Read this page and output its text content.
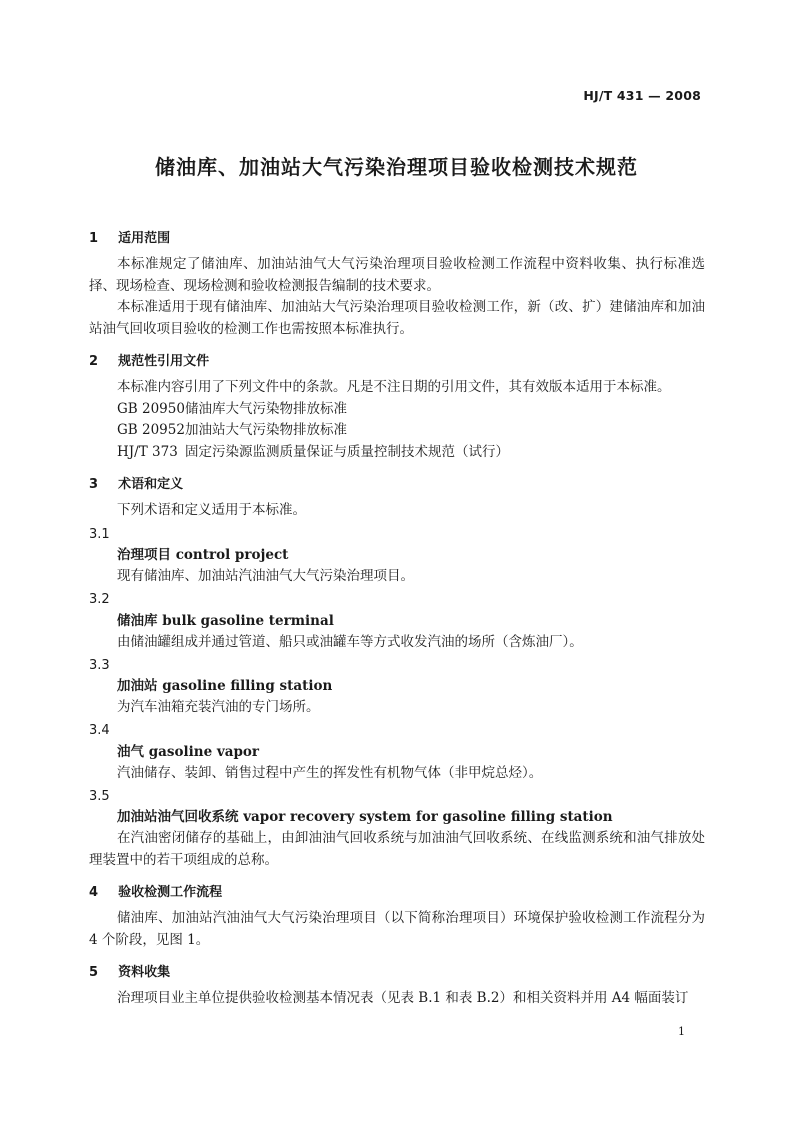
HJ/T 431 — 2008
储油库、加油站大气污染治理项目验收检测技术规范
1 适用范围
本标准规定了储油库、加油站油气大气污染治理项目验收检测工作流程中资料收集、执行标准选择、现场检查、现场检测和验收检测报告编制的技术要求。
本标准适用于现有储油库、加油站大气污染治理项目验收检测工作，新（改、扩）建储油库和加油站油气回收项目验收的检测工作也需按照本标准执行。
2 规范性引用文件
本标准内容引用了下列文件中的条款。凡是不注日期的引用文件，其有效版本适用于本标准。
GB 20950储油库大气污染物排放标准
GB 20952加油站大气污染物排放标准
HJ/T 373 固定污染源监测质量保证与质量控制技术规范（试行）
3 术语和定义
下列术语和定义适用于本标准。
3.1
治理项目 control project
现有储油库、加油站汽油油气大气污染治理项目。
3.2
储油库 bulk gasoline terminal
由储油罐组成并通过管道、船只或油罐车等方式收发汽油的场所（含炼油厂）。
3.3
加油站 gasoline filling station
为汽车油箱充装汽油的专门场所。
3.4
油气 gasoline vapor
汽油储存、装卸、销售过程中产生的挥发性有机物气体（非甲烷总烃）。
3.5
加油站油气回收系统 vapor recovery system for gasoline filling station
在汽油密闭储存的基础上，由卸油油气回收系统与加油油气回收系统、在线监测系统和油气排放处理装置中的若干项组成的总称。
4 验收检测工作流程
储油库、加油站汽油油气大气污染治理项目（以下简称治理项目）环境保护验收检测工作流程分为 4 个阶段，见图 1。
5 资料收集
治理项目业主单位提供验收检测基本情况表（见表 B.1 和表 B.2）和相关资料并用 A4 幅面装订
1
